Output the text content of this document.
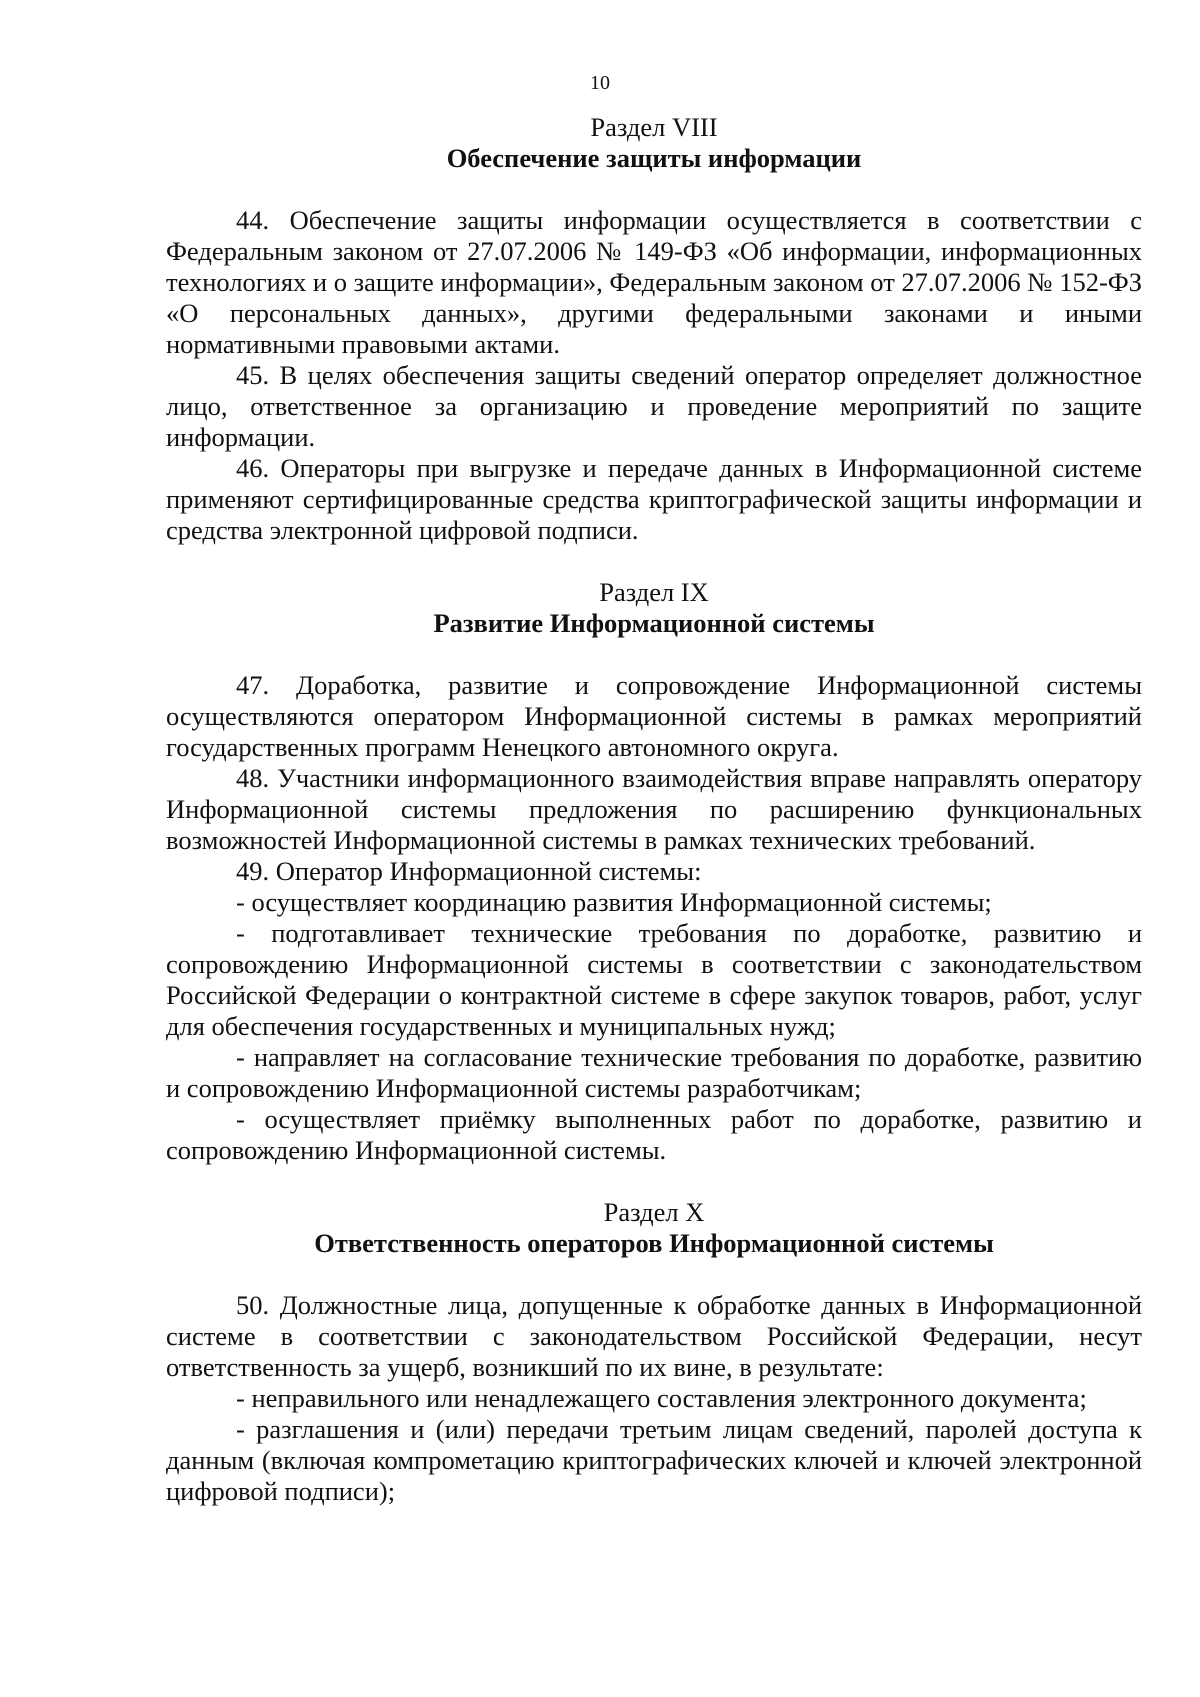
10

Раздел VIII

Обеспечение защиты информации

44. Обеспечение защиты информации осуществляется в соответствии с Федеральным законом от 27.07.2006 № 149-ФЗ «Об информации, информационных технологиях и о защите информации», Федеральным законом от 27.07.2006 № 152-ФЗ «О персональных данных», другими федеральными законами и иными нормативными правовыми актами.

45. В целях обеспечения защиты сведений оператор определяет должностное лицо, ответственное за организацию и проведение мероприятий по защите информации.

46. Операторы при выгрузке и передаче данных в Информационной системе применяют сертифицированные средства криптографической защиты информации и средства электронной цифровой подписи.

Раздел IX

Развитие Информационной системы

47. Доработка, развитие и сопровождение Информационной системы осуществляются оператором Информационной системы в рамках мероприятий государственных программ Ненецкого автономного округа.

48. Участники информационного взаимодействия вправе направлять оператору Информационной системы предложения по расширению функциональных возможностей Информационной системы в рамках технических требований.

49. Оператор Информационной системы:

- осуществляет координацию развития Информационной системы;

- подготавливает технические требования по доработке, развитию и сопровождению Информационной системы в соответствии с законодательством Российской Федерации о контрактной системе в сфере закупок товаров, работ, услуг для обеспечения государственных и муниципальных нужд;

- направляет на согласование технические требования по доработке, развитию и сопровождению Информационной системы разработчикам;

- осуществляет приёмку выполненных работ по доработке, развитию и сопровождению Информационной системы.

Раздел X

Ответственность операторов Информационной системы

50. Должностные лица, допущенные к обработке данных в Информационной системе в соответствии с законодательством Российской Федерации, несут ответственность за ущерб, возникший по их вине, в результате:

- неправильного или ненадлежащего составления электронного документа;

- разглашения и (или) передачи третьим лицам сведений, паролей доступа к данным (включая компрометацию криптографических ключей и ключей электронной цифровой подписи);
